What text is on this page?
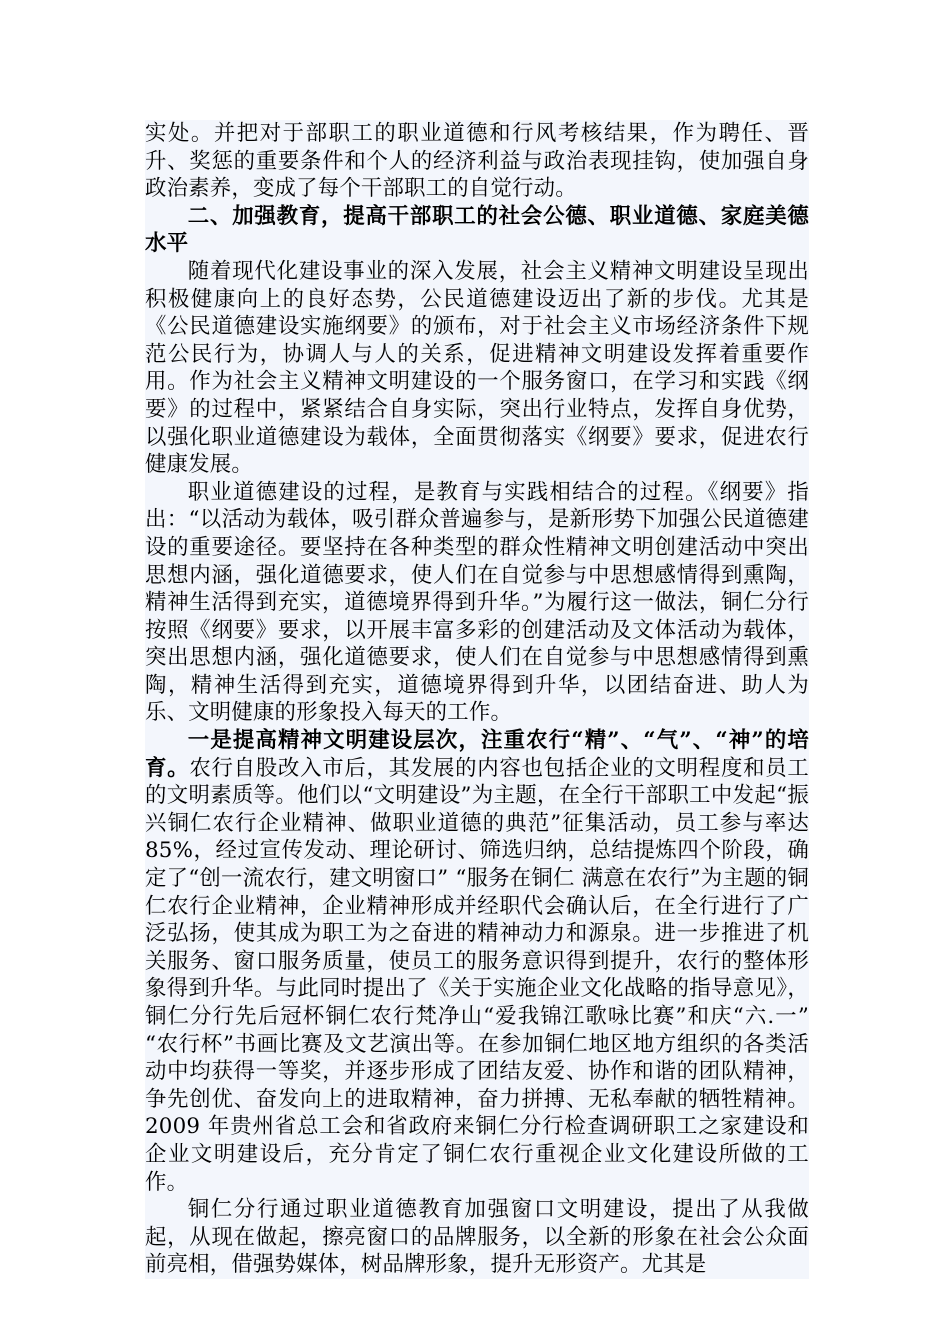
实处。并把对于部职工的职业道德和行风考核结果，作为聘任、晋升、奖惩的重要条件和个人的经济利益与政治表现挂钩，使加强自身政治素养，变成了每个干部职工的自觉行动。

二、加强教育，提高干部职工的社会公德、职业道德、家庭美德水平

随着现代化建设事业的深入发展，社会主义精神文明建设呈现出积极健康向上的良好态势，公民道德建设迈出了新的步伐。尤其是《公民道德建设实施纲要》的颁布，对于社会主义市场经济条件下规范公民行为，协调人与人的关系，促进精神文明建设发挥着重要作用。作为社会主义精神文明建设的一个服务窗口，在学习和实践《纲要》的过程中，紧紧结合自身实际，突出行业特点，发挥自身优势，以强化职业道德建设为载体，全面贯彻落实《纲要》要求，促进农行健康发展。

职业道德建设的过程，是教育与实践相结合的过程。《纲要》指出：“以活动为载体，吸引群众普遍参与，是新形势下加强公民道德建设的重要途径。要坚持在各种类型的群众性精神文明创建活动中突出思想内涵，强化道德要求，使人们在自觉参与中思想感情得到熏陶，精神生活得到充实，道德境界得到升华。”为履行这一做法，铜仁分行按照《纲要》要求，以开展丰富多彩的创建活动及文体活动为载体，突出思想内涵，强化道德要求，使人们在自觉参与中思想感情得到熏陶，精神生活得到充实，道德境界得到升华，以团结奋进、助人为乐、文明健康的形象投入每天的工作。

一是提高精神文明建设层次，注重农行“精”、“气”、“神”的培育。农行自股改入市后，其发展的内容也包括企业的文明程度和员工的文明素质等。他们以“文明建设”为主题，在全行干部职工中发起“振兴铜仁农行企业精神、做职业道德的典范”征集活动，员工参与率达85%，经过宣传发动、理论研讨、筛选归纳，总结提炼四个阶段，确定了“创一流农行，建文明窗口” “服务在铜仁 满意在农行”为主题的铜仁农行企业精神，企业精神形成并经职代会确认后，在全行进行了广泛弘扬，使其成为职工为之奋进的精神动力和源泉。进一步推进了机关服务、窗口服务质量，使员工的服务意识得到提升，农行的整体形象得到升华。与此同时提出了《关于实施企业文化战略的指导意见》，铜仁分行先后冠杯铜仁农行梵净山“爱我锦江歌咏比赛”和庆“六.一” “农行杯”书画比赛及文艺演出等。在参加铜仁地区地方组织的各类活动中均获得一等奖，并逐步形成了团结友爱、协作和谐的团队精神，争先创优、奋发向上的进取精神，奋力拼搏、无私奉献的牺牲精神。2009 年贵州省总工会和省政府来铜仁分行检查调研职工之家建设和企业文明建设后，充分肯定了铜仁农行重视企业文化建设所做的工作。

铜仁分行通过职业道德教育加强窗口文明建设，提出了从我做起，从现在做起，擦亮窗口的品牌服务，以全新的形象在社会公众面前亮相，借强势媒体，树品牌形象，提升无形资产。尤其是
